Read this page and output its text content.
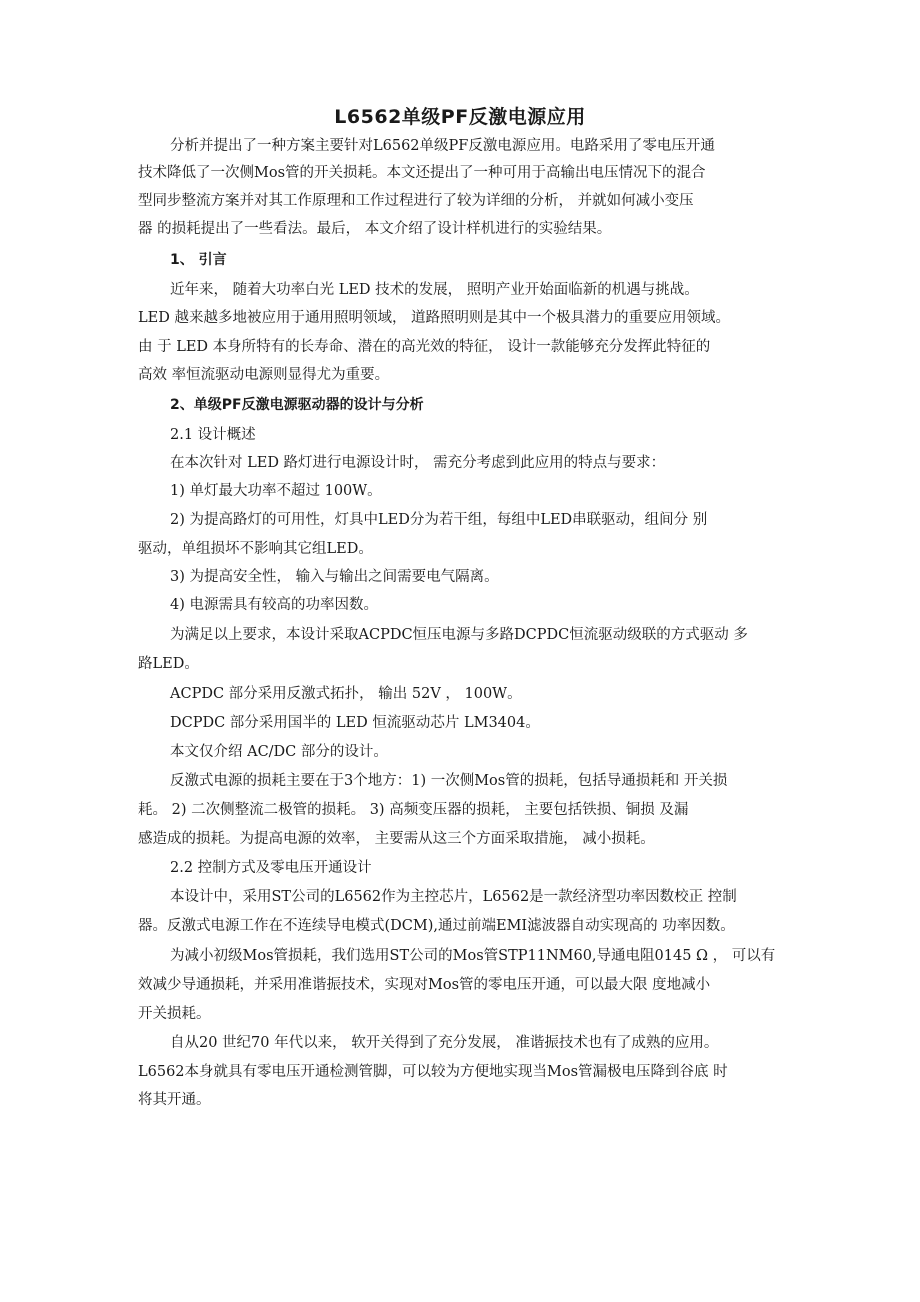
L6562单级PF反激电源应用
分析并提出了一种方案主要针对L6562单级PF反激电源应用。电路采用了零电压开通
技术降低了一次侧Mos管的开关损耗。本文还提出了一种可用于高输出电压情况下的混合
型同步整流方案并对其工作原理和工作过程进行了较为详细的分析， 并就如何减小变压
器 的损耗提出了一些看法。最后， 本文介绍了设计样机进行的实验结果。
1、 引言
近年来， 随着大功率白光 LED 技术的发展， 照明产业开始面临新的机遇与挑战。
LED 越来越多地被应用于通用照明领域， 道路照明则是其中一个极具潜力的重要应用领域。
由 于 LED 本身所特有的长寿命、潜在的高光效的特征， 设计一款能够充分发挥此特征的
高效 率恒流驱动电源则显得尤为重要。
2、单级PF反激电源驱动器的设计与分析
2.1 设计概述
在本次针对 LED 路灯进行电源设计时， 需充分考虑到此应用的特点与要求：
1) 单灯最大功率不超过 100W。
2) 为提高路灯的可用性，灯具中LED分为若干组，每组中LED串联驱动，组间分 别
驱动，单组损坏不影响其它组LED。
3) 为提高安全性， 输入与输出之间需要电气隔离。
4) 电源需具有较高的功率因数。
为满足以上要求，本设计采取ACPDC恒压电源与多路DCPDC恒流驱动级联的方式驱动 多
路LED。
ACPDC 部分采用反激式拓扑， 输出 52V ， 100W。
DCPDC 部分采用国半的 LED 恒流驱动芯片 LM3404。
本文仅介绍 AC/DC 部分的设计。
反激式电源的损耗主要在于3个地方：1) 一次侧Mos管的损耗，包括导通损耗和 开关损
耗。 2) 二次侧整流二极管的损耗。 3) 高频变压器的损耗， 主要包括铁损、铜损 及漏
感造成的损耗。为提高电源的效率， 主要需从这三个方面采取措施， 减小损耗。
2.2 控制方式及零电压开通设计
本设计中，采用ST公司的L6562作为主控芯片，L6562是一款经济型功率因数校正 控制
器。反激式电源工作在不连续导电模式(DCM),通过前端EMI滤波器自动实现高的 功率因数。
为减小初级Mos管损耗，我们选用ST公司的Mos管STP11NM60,导通电阻0145 Ω ， 可以有
效减少导通损耗，并采用准谐振技术，实现对Mos管的零电压开通，可以最大限 度地减小
开关损耗。
自从20 世纪70 年代以来， 软开关得到了充分发展， 准谐振技术也有了成熟的应用。
L6562本身就具有零电压开通检测管脚，可以较为方便地实现当Mos管漏极电压降到谷底 时
将其开通。
